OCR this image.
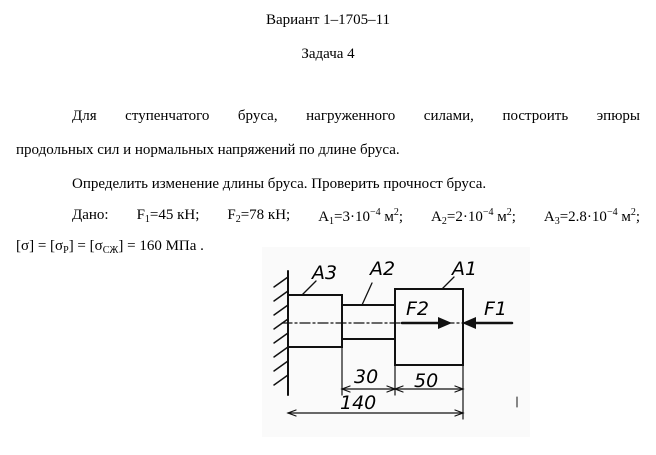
Вариант 1–1705–11
Задача 4
Для ступенчатого бруса, нагруженного силами, построить эпюры
продольных сил и нормальных напряжений по длине бруса.
Определить изменение длины бруса. Проверить прочност бруса.
Дано: $F_1=45$ кН; $F_2=78$ кН; $A_1=3\cdot 10^{-4}$ $м^2$; $A_2=2\cdot 10^{-4}$ $м^2$; $A_3=2.8\cdot 10^{-4}$ $м^2$;
$[\sigma] = [\sigma_Р] = [\sigma_{СЖ}] = 160$ МПа .
A3 A2	A1
F2	F1
30 50
140
